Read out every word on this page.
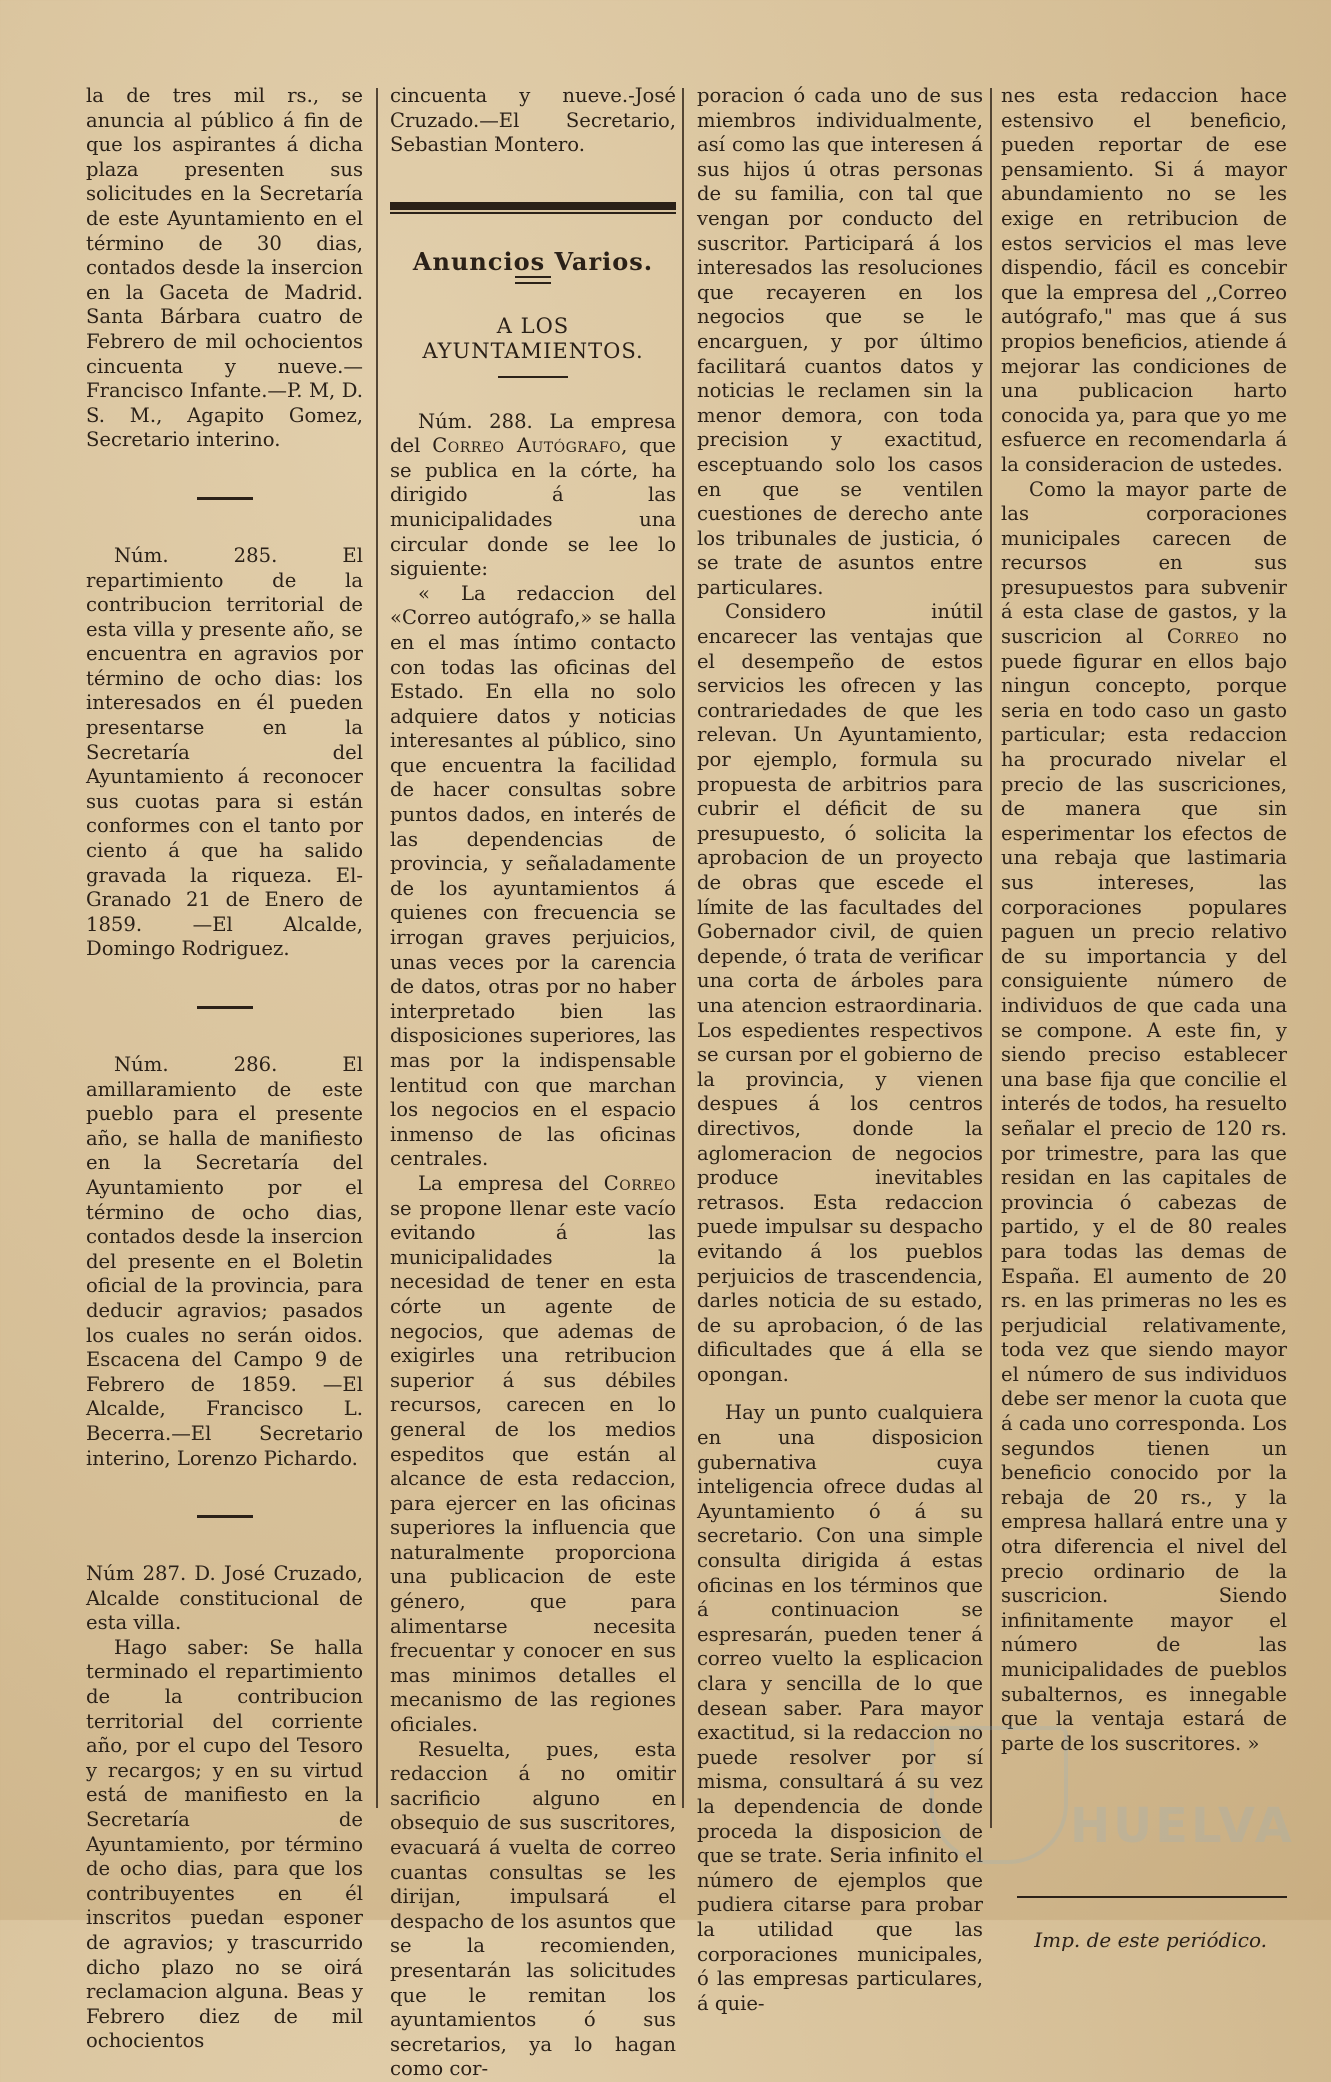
la de tres mil rs., se anuncia al público á fin de que los aspirantes á dicha plaza presenten sus solicitudes en la Secretaría de este Ayuntamiento en el término de 30 dias, contados desde la insercion en la Gaceta de Madrid. Santa Bárbara cuatro de Febrero de mil ochocientos cincuenta y nueve.— Francisco Infante.—P. M, D. S. M., Agapito Gomez, Secretario interino.

Núm. 285. El repartimiento de la contribucion territorial de esta villa y presente año, se encuentra en agravios por término de ocho dias: los interesados en él pueden presentarse en la Secretaría del Ayuntamiento á reconocer sus cuotas para si están conformes con el tanto por ciento á que ha salido gravada la riqueza. El-Granado 21 de Enero de 1859. —El Alcalde, Domingo Rodriguez.

Núm. 286. El amillaramiento de este pueblo para el presente año, se halla de manifiesto en la Secretaría del Ayuntamiento por el término de ocho dias, contados desde la insercion del presente en el Boletin oficial de la provincia, para deducir agravios; pasados los cuales no serán oidos. Escacena del Campo 9 de Febrero de 1859. —El Alcalde, Francisco L. Becerra.—El Secretario interino, Lorenzo Pichardo.

Núm 287. D. José Cruzado, Alcalde constitucional de esta villa.

Hago saber: Se halla terminado el repartimiento de la contribucion territorial del corriente año, por el cupo del Tesoro y recargos; y en su virtud está de manifiesto en la Secretaría de Ayuntamiento, por término de ocho dias, para que los contribuyentes en él inscritos puedan esponer de agravios; y trascurrido dicho plazo no se oirá reclamacion alguna. Beas y Febrero diez de mil ochocientos

cincuenta y nueve.-José Cruzado.—El Secretario, Sebastian Montero.

Anuncios Varios.
A LOS AYUNTAMIENTOS.

Núm. 288. La empresa del Correo Autógrafo, que se publica en la córte, ha dirigido á las municipalidades una circular donde se lee lo siguiente:

« La redaccion del «Correo autógrafo,» se halla en el mas íntimo contacto con todas las oficinas del Estado. En ella no solo adquiere datos y noticias interesantes al público, sino que encuentra la facilidad de hacer consultas sobre puntos dados, en interés de las dependencias de provincia, y señaladamente de los ayuntamientos á quienes con frecuencia se irrogan graves perjuicios, unas veces por la carencia de datos, otras por no haber interpretado bien las disposiciones superiores, las mas por la indispensable lentitud con que marchan los negocios en el espacio inmenso de las oficinas centrales.

La empresa del Correo se propone llenar este vacío evitando á las municipalidades la necesidad de tener en esta córte un agente de negocios, que ademas de exigirles una retribucion superior á sus débiles recursos, carecen en lo general de los medios espeditos que están al alcance de esta redaccion, para ejercer en las oficinas superiores la influencia que naturalmente proporciona una publicacion de este género, que para alimentarse necesita frecuentar y conocer en sus mas minimos detalles el mecanismo de las regiones oficiales.

Resuelta, pues, esta redaccion á no omitir sacrificio alguno en obsequio de sus suscritores, evacuará á vuelta de correo cuantas consultas se les dirijan, impulsará el despacho de los asuntos que se la recomienden, presentarán las solicitudes que le remitan los ayuntamientos ó sus secretarios, ya lo hagan como cor-

poracion ó cada uno de sus miembros individualmente, así como las que interesen á sus hijos ú otras personas de su familia, con tal que vengan por conducto del suscritor. Participará á los interesados las resoluciones que recayeren en los negocios que se le encarguen, y por último facilitará cuantos datos y noticias le reclamen sin la menor demora, con toda precision y exactitud, esceptuando solo los casos en que se ventilen cuestiones de derecho ante los tribunales de justicia, ó se trate de asuntos entre particulares.

Considero inútil encarecer las ventajas que el desempeño de estos servicios les ofrecen y las contrariedades de que les relevan. Un Ayuntamiento, por ejemplo, formula su propuesta de arbitrios para cubrir el déficit de su presupuesto, ó solicita la aprobacion de un proyecto de obras que escede el límite de las facultades del Gobernador civil, de quien depende, ó trata de verificar una corta de árboles para una atencion estraordinaria. Los espedientes respectivos se cursan por el gobierno de la provincia, y vienen despues á los centros directivos, donde la aglomeracion de negocios produce inevitables retrasos. Esta redaccion puede impulsar su despacho evitando á los pueblos perjuicios de trascendencia, darles noticia de su estado, de su aprobacion, ó de las dificultades que á ella se opongan.

Hay un punto cualquiera en una disposicion gubernativa cuya inteligencia ofrece dudas al Ayuntamiento ó á su secretario. Con una simple consulta dirigida á estas oficinas en los términos que á continuacion se espresarán, pueden tener á correo vuelto la esplicacion clara y sencilla de lo que desean saber. Para mayor exactitud, si la redaccion no puede resolver por sí misma, consultará á su vez la dependencia de donde proceda la disposicion de que se trate. Seria infinito el número de ejemplos que pudiera citarse para probar la utilidad que las corporaciones municipales, ó las empresas particulares, á quie-

nes esta redaccion hace estensivo el beneficio, pueden reportar de ese pensamiento. Si á mayor abundamiento no se les exige en retribucion de estos servicios el mas leve dispendio, fácil es concebir que la empresa del ,,Correo autógrafo," mas que á sus propios beneficios, atiende á mejorar las condiciones de una publicacion harto conocida ya, para que yo me esfuerce en recomendarla á la consideracion de ustedes.

Como la mayor parte de las corporaciones municipales carecen de recursos en sus presupuestos para subvenir á esta clase de gastos, y la suscricion al Correo no puede figurar en ellos bajo ningun concepto, porque seria en todo caso un gasto particular; esta redaccion ha procurado nivelar el precio de las suscriciones, de manera que sin esperimentar los efectos de una rebaja que lastimaria sus intereses, las corporaciones populares paguen un precio relativo de su importancia y del consiguiente número de individuos de que cada una se compone. A este fin, y siendo preciso establecer una base fija que concilie el interés de todos, ha resuelto señalar el precio de 120 rs. por trimestre, para las que residan en las capitales de provincia ó cabezas de partido, y el de 80 reales para todas las demas de España. El aumento de 20 rs. en las primeras no les es perjudicial relativamente, toda vez que siendo mayor el número de sus individuos debe ser menor la cuota que á cada uno corresponda. Los segundos tienen un beneficio conocido por la rebaja de 20 rs., y la empresa hallará entre una y otra diferencia el nivel del precio ordinario de la suscricion. Siendo infinitamente mayor el número de las municipalidades de pueblos subalternos, es innegable que la ventaja estará de parte de los suscritores. »

Imp. de este periódico.
HUELVA
